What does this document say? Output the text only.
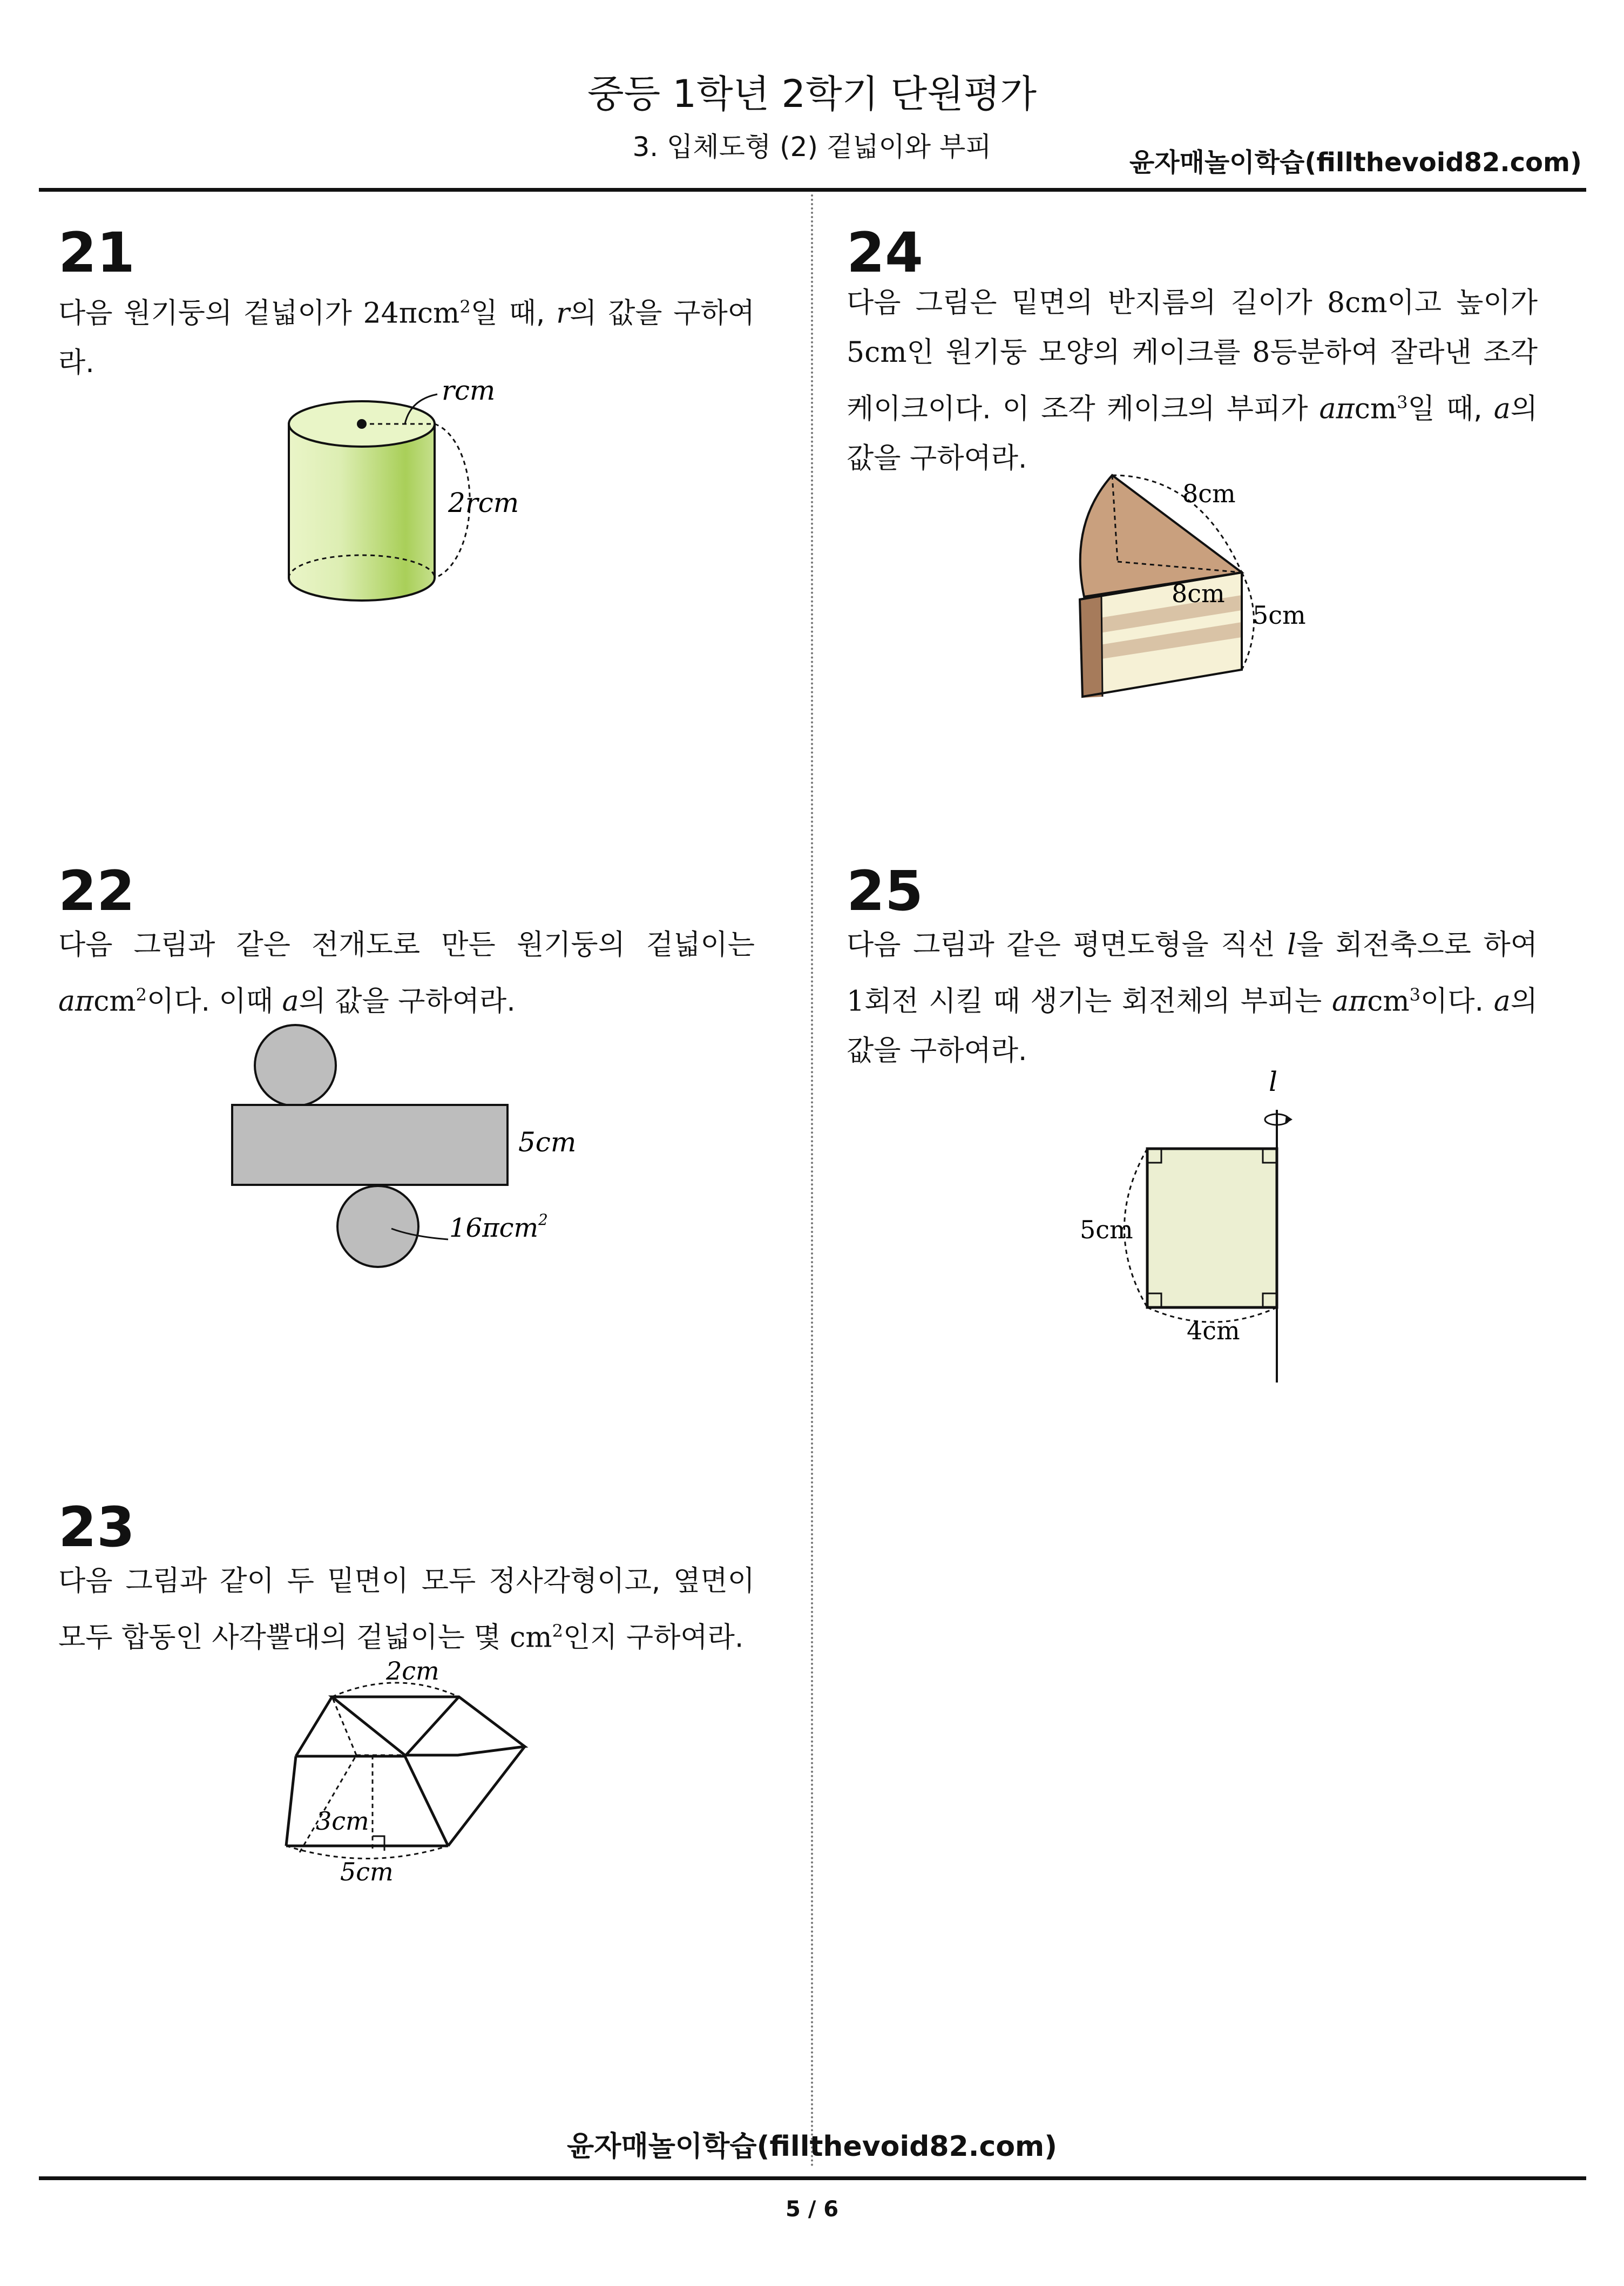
중등 1학년 2학기 단원평가
3. 입체도형 (2) 겉넓이와 부피	윤자매놀이학습(fillthevoid82.com)
21
다음 원기둥의 겉넓이가 24πcm$^2$일 때, r의 값을 구하여라.
rcm
2rcm
22
다음 그림과 같은 전개도로 만든 원기둥의 겉넓이는 aπcm$^2$이다. 이때 a의 값을 구하여라.
5cm
16πcm$^2$
23
다음 그림과 같이 두 밑면이 모두 정사각형이고, 옆면이 모두 합동인 사각뿔대의 겉넓이는 몇 $cm^2$인지 구하여라.
2cm
3cm
5cm
24
다음 그림은 밑면의 반지름의 길이가 8cm이고 높이가 5cm인 원기둥 모양의 케이크를 8등분하여 잘라낸 조각 케이크이다. 이 조각 케이크의 부피가 aπcm$^3$일 때, a의 값을 구하여라.
8cm
8cm
5cm
25
다음 그림과 같은 평면도형을 직선 l을 회전축으로 하여 1회전 시킬 때 생기는 회전체의 부피는 aπcm$^3$이다. a의 값을 구하여라.
l
5cm
4cm
윤자매놀이학습(fillthevoid82.com)
5 / 6
